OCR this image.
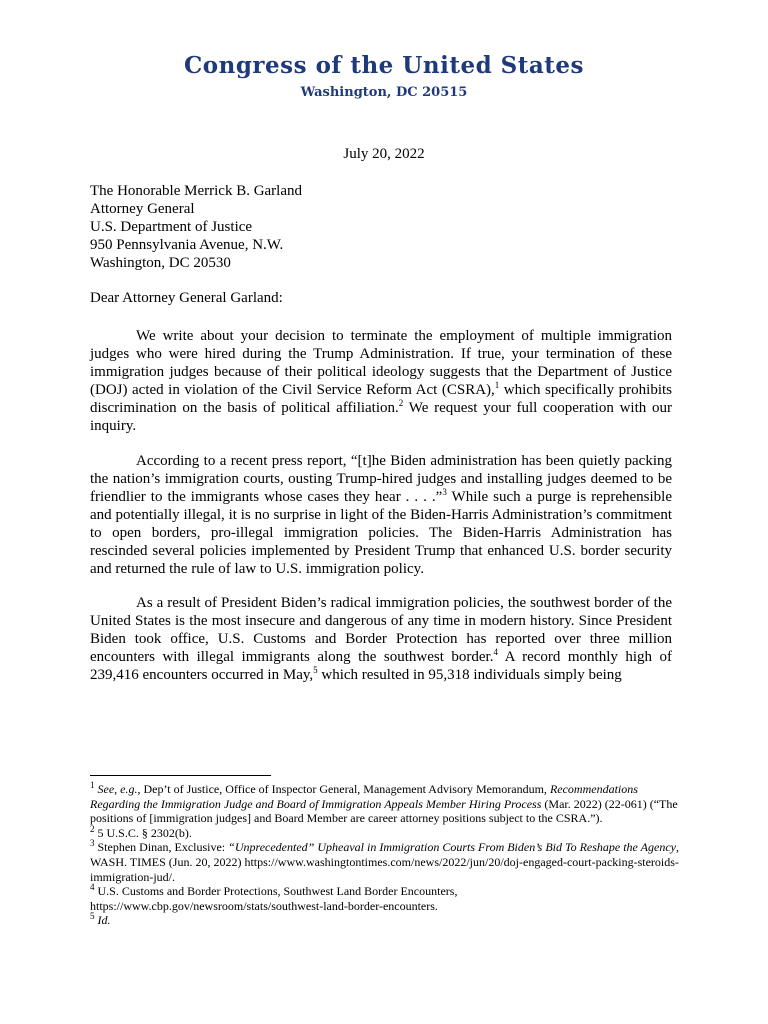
Congress of the United States
Washington, DC 20515
July 20, 2022
The Honorable Merrick B. Garland
Attorney General
U.S. Department of Justice
950 Pennsylvania Avenue, N.W.
Washington, DC 20530
Dear Attorney General Garland:
We write about your decision to terminate the employment of multiple immigration judges who were hired during the Trump Administration. If true, your termination of these immigration judges because of their political ideology suggests that the Department of Justice (DOJ) acted in violation of the Civil Service Reform Act (CSRA),$^1$ which specifically prohibits discrimination on the basis of political affiliation.$^2$ We request your full cooperation with our inquiry.
According to a recent press report, “[t]he Biden administration has been quietly packing the nation’s immigration courts, ousting Trump-hired judges and installing judges deemed to be friendlier to the immigrants whose cases they hear . . . .”$^3$ While such a purge is reprehensible and potentially illegal, it is no surprise in light of the Biden-Harris Administration’s commitment to open borders, pro-illegal immigration policies. The Biden-Harris Administration has rescinded several policies implemented by President Trump that enhanced U.S. border security and returned the rule of law to U.S. immigration policy.
As a result of President Biden’s radical immigration policies, the southwest border of the United States is the most insecure and dangerous of any time in modern history. Since President Biden took office, U.S. Customs and Border Protection has reported over three million encounters with illegal immigrants along the southwest border.$^4$ A record monthly high of 239,416 encounters occurred in May,$^5$ which resulted in 95,318 individuals simply being

$^1$ See, e.g., Dep’t of Justice, Office of Inspector General, Management Advisory Memorandum, Recommendations Regarding the Immigration Judge and Board of Immigration Appeals Member Hiring Process (Mar. 2022) (22-061) (“The positions of [immigration judges] and Board Member are career attorney positions subject to the CSRA.”).

$^2$ 5 U.S.C. § 2302(b).

$^3$ Stephen Dinan, Exclusive: “Unprecedented” Upheaval in Immigration Courts From Biden’s Bid To Reshape the Agency, WASH. TIMES (Jun. 20, 2022) https://www.washingtontimes.com/news/2022/jun/20/doj-engaged-court-packing-steroids-immigration-jud/.

$^4$ U.S. Customs and Border Protections, Southwest Land Border Encounters, https://www.cbp.gov/newsroom/stats/southwest-land-border-encounters.

$^5$ Id.
